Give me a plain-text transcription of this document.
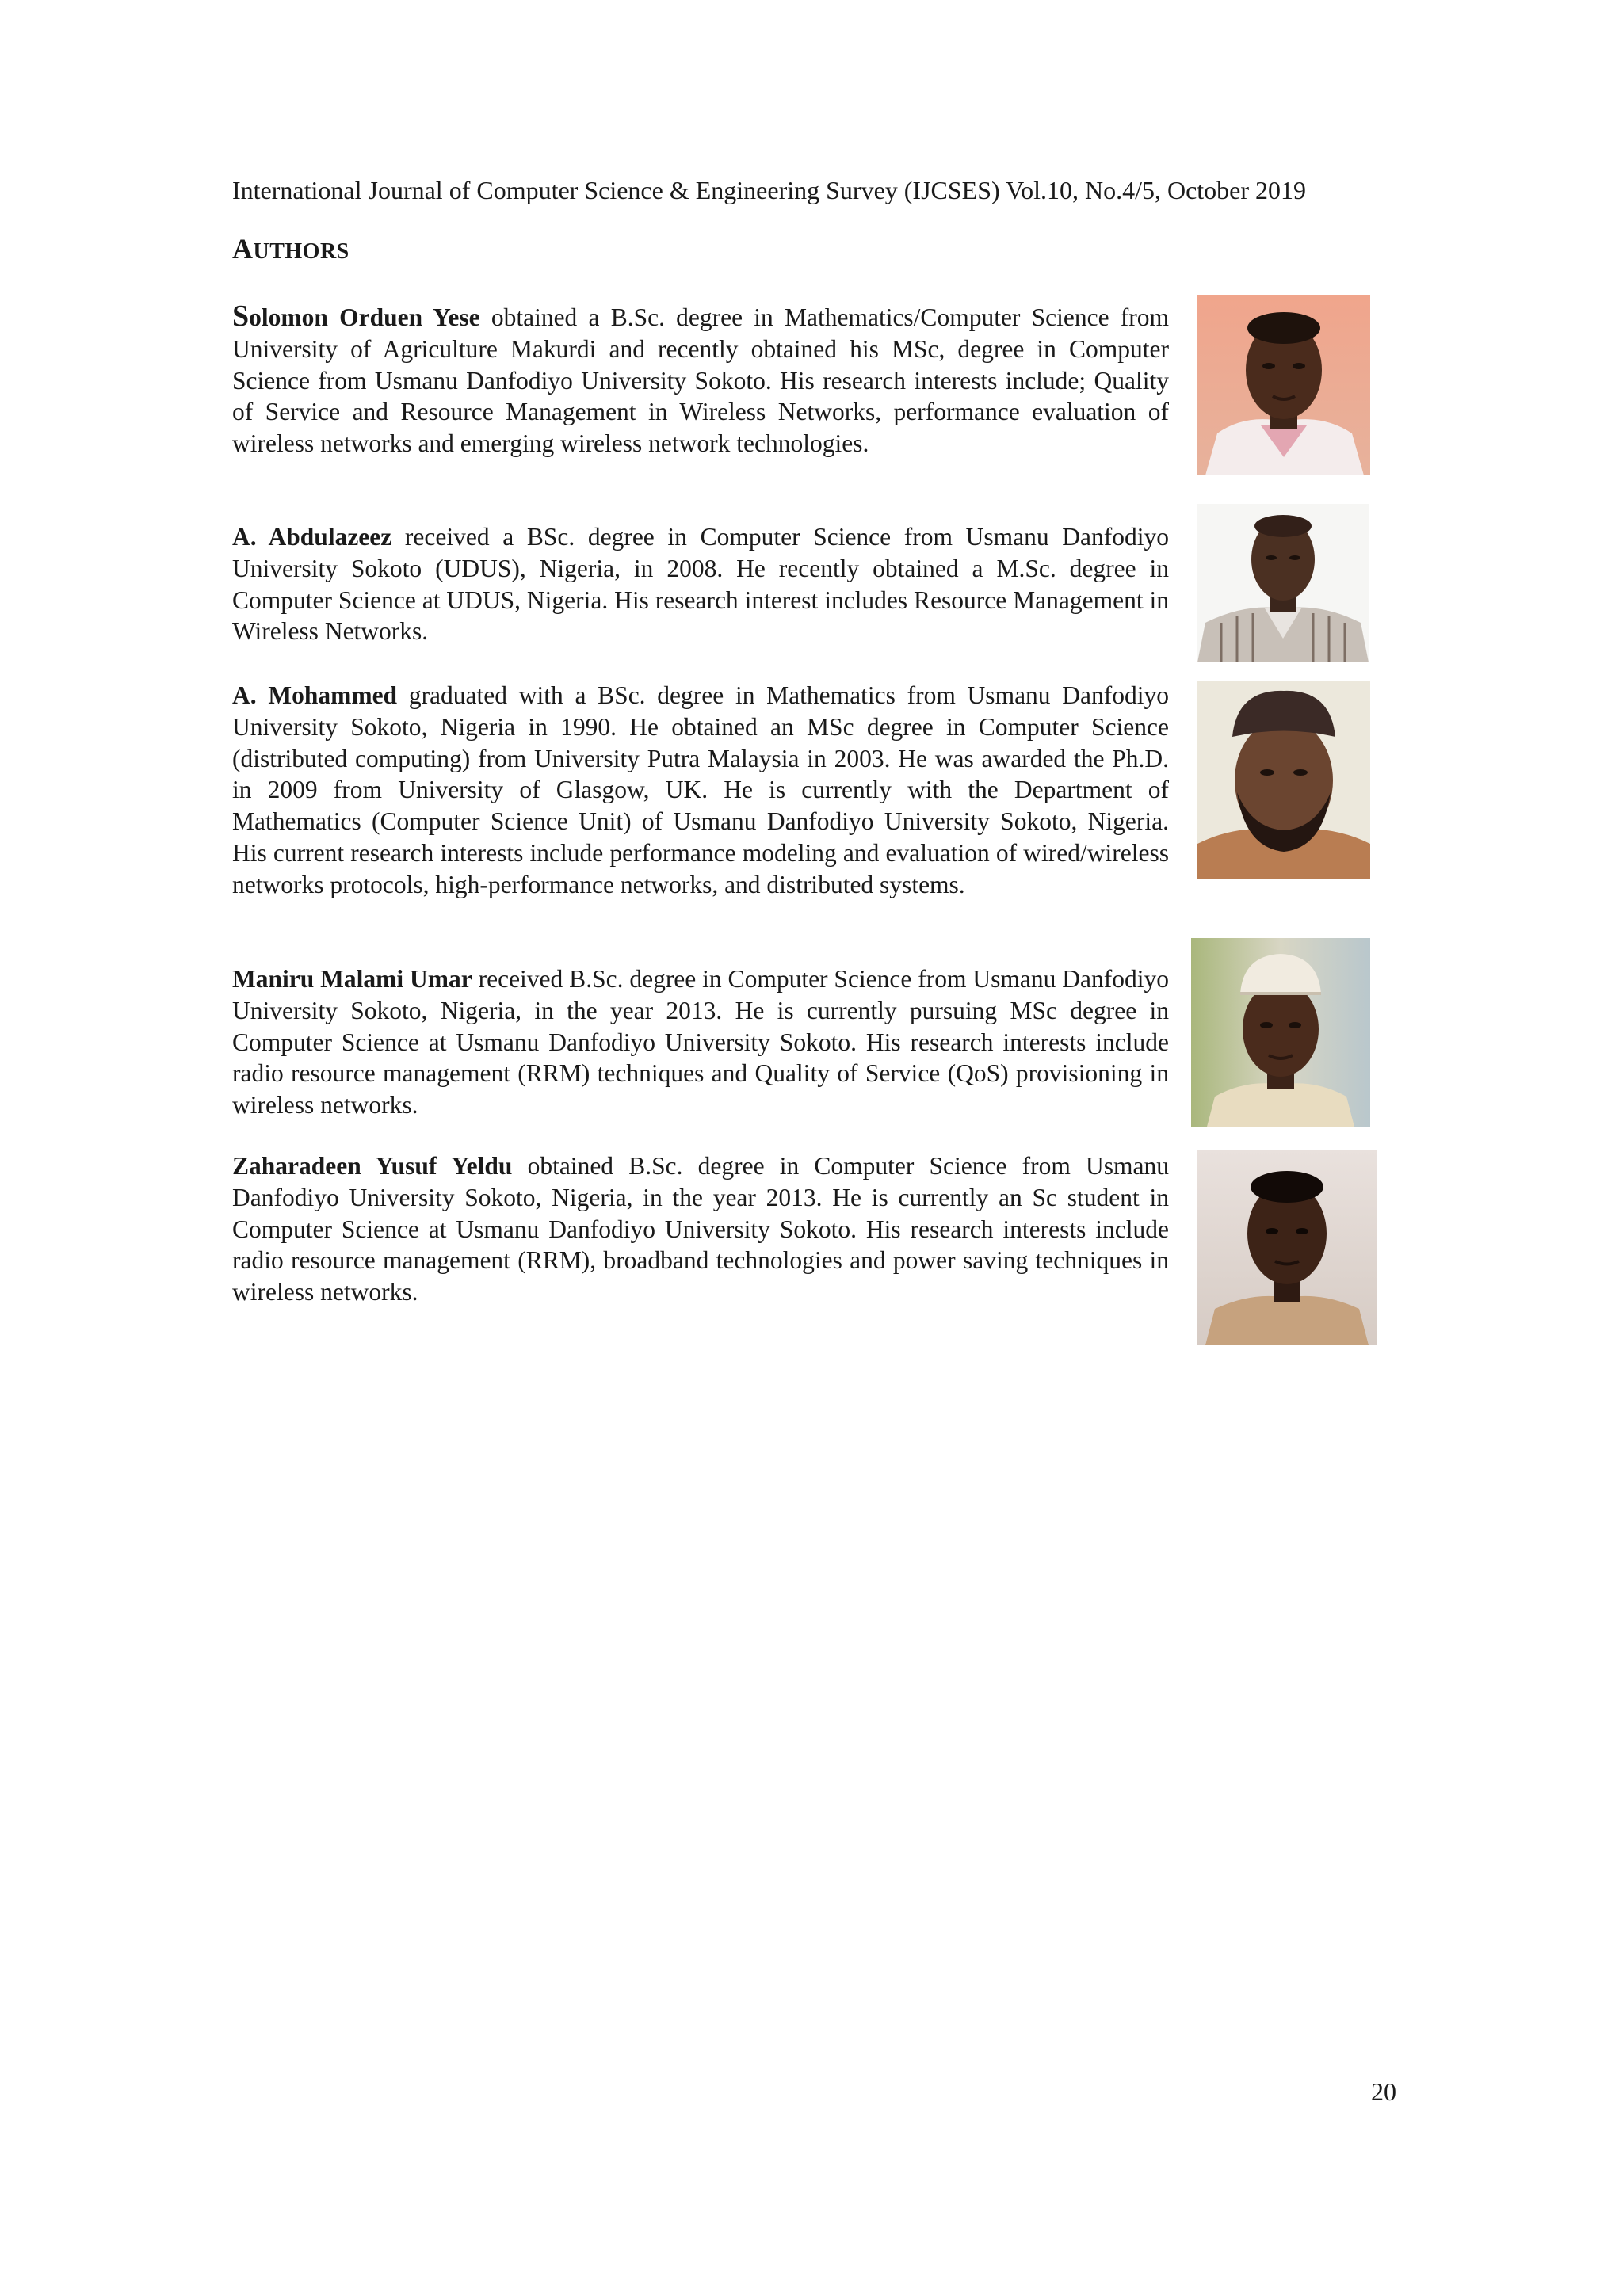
International Journal of Computer Science & Engineering Survey (IJCSES) Vol.10, No.4/5, October 2019
AUTHORS

Solomon Orduen Yese obtained a B.Sc. degree in Mathematics/Computer Science from University of Agriculture Makurdi and recently obtained his MSc, degree in Computer Science from Usmanu Danfodiyo University Sokoto. His research interests include; Quality of Service and Resource Management in Wireless Networks, performance evaluation of wireless networks and emerging wireless network technologies.

A. Abdulazeez received a BSc. degree in Computer Science from Usmanu Danfodiyo University Sokoto (UDUS), Nigeria, in 2008. He recently obtained a M.Sc. degree in Computer Science at UDUS, Nigeria. His research interest includes Resource Management in Wireless Networks.

A. Mohammed graduated with a BSc. degree in Mathematics from Usmanu Danfodiyo University Sokoto, Nigeria in 1990. He obtained an MSc degree in Computer Science (distributed computing) from University Putra Malaysia in 2003. He was awarded the Ph.D. in 2009 from University of Glasgow, UK. He is currently with the Department of Mathematics (Computer Science Unit) of Usmanu Danfodiyo University Sokoto, Nigeria. His current research interests include performance modeling and evaluation of wired/wireless networks protocols, high-performance networks, and distributed systems.

Maniru Malami Umar received B.Sc. degree in Computer Science from Usmanu Danfodiyo University Sokoto, Nigeria, in the year 2013. He is currently pursuing MSc degree in Computer Science at Usmanu Danfodiyo University Sokoto. His research interests include radio resource management (RRM) techniques and Quality of Service (QoS) provisioning in wireless networks.

Zaharadeen Yusuf Yeldu obtained B.Sc. degree in Computer Science from Usmanu Danfodiyo University Sokoto, Nigeria, in the year 2013. He is currently an Sc student in Computer Science at Usmanu Danfodiyo University Sokoto. His research interests include radio resource management (RRM), broadband technologies and power saving techniques in wireless networks.

20
